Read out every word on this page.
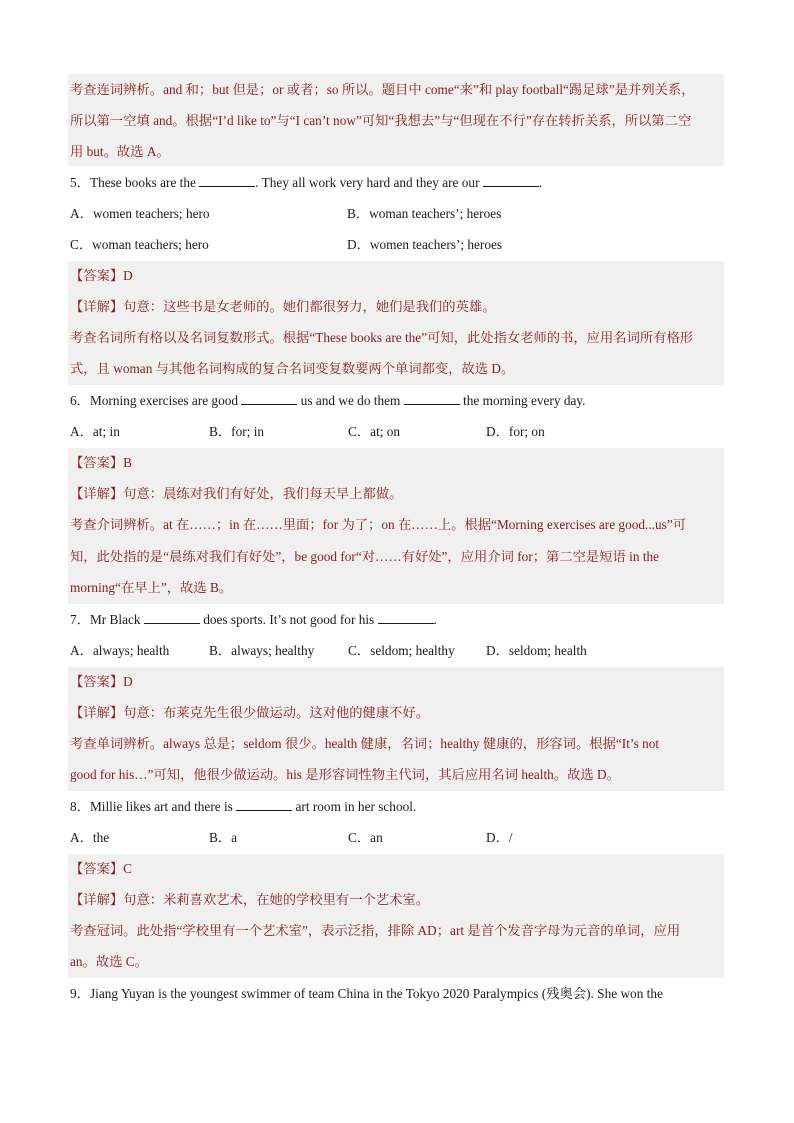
考查连词辨析。and 和；but 但是；or 或者；so 所以。题目中 come“来”和 play football“踢足球”是并列关系，
所以第一空填 and。根据“I’d like to”与“I can’t now”可知“我想去”与“但现在不行”存在转折关系，所以第二空
用 but。故选 A。
5．These books are the	. They all work very hard and they are our	.
A．women teachers; hero	B．woman teachers’; heroes
C．woman teachers; hero	D．women teachers’; heroes
【答案】D
【详解】句意：这些书是女老师的。她们都很努力，她们是我们的英雄。
考查名词所有格以及名词复数形式。根据“These books are the”可知，此处指女老师的书，应用名词所有格形
式，且 woman 与其他名词构成的复合名词变复数要两个单词都变，故选 D。
6．Morning exercises are good	us and we do them	the morning every day.
A．at; in	B．for; in	C．at; on	D．for; on
【答案】B
【详解】句意：晨练对我们有好处，我们每天早上都做。
考查介词辨析。at 在……；in 在……里面；for 为了；on 在……上。根据“Morning exercises are good...us”可
知，此处指的是“晨练对我们有好处”，be good for“对……有好处”，应用介词 for；第二空是短语 in the
morning“在早上”，故选 B。
7．Mr Black	does sports. It’s not good for his	.
A．always; health	B．always; healthy	C．seldom; healthy D．seldom; health
【答案】D
【详解】句意：布莱克先生很少做运动。这对他的健康不好。
考查单词辨析。always 总是；seldom 很少。health 健康，名词；healthy 健康的，形容词。根据“It’s not
good for his…”可知，他很少做运动。his 是形容词性物主代词，其后应用名词 health。故选 D。
8．Millie likes art and there is	art room in her school.
A．the	B．a	C．an	D．/
【答案】C
【详解】句意：米莉喜欢艺术，在她的学校里有一个艺术室。
考查冠词。此处指“学校里有一个艺术室”，表示泛指，排除 AD；art 是首个发音字母为元音的单词，应用
an。故选 C。
9．Jiang Yuyan is the youngest swimmer of team China in the Tokyo 2020 Paralympics (残奥会). She won the
